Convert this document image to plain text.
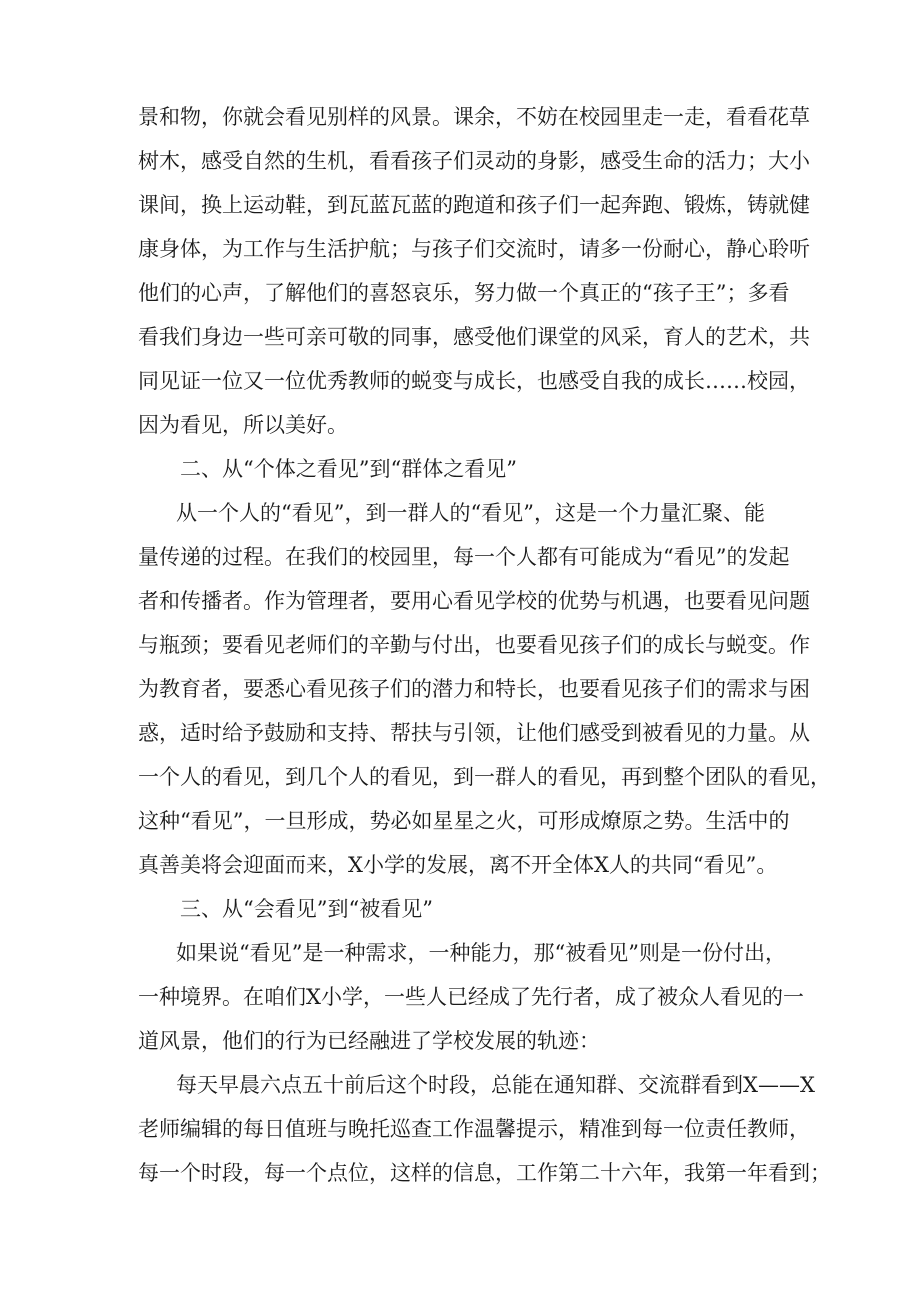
景和物，你就会看见别样的风景。课余，不妨在校园里走一走，看看花草
树木，感受自然的生机，看看孩子们灵动的身影，感受生命的活力；大小
课间，换上运动鞋，到瓦蓝瓦蓝的跑道和孩子们一起奔跑、锻炼，铸就健
康身体，为工作与生活护航；与孩子们交流时，请多一份耐心，静心聆听
他们的心声，了解他们的喜怒哀乐，努力做一个真正的“孩子王”；多看
看我们身边一些可亲可敬的同事，感受他们课堂的风采，育人的艺术，共
同见证一位又一位优秀教师的蜕变与成长，也感受自我的成长……校园，
因为看见，所以美好。
二、从“个体之看见”到“群体之看见”
从一个人的“看见”，到一群人的“看见”，这是一个力量汇聚、能
量传递的过程。在我们的校园里，每一个人都有可能成为“看见”的发起
者和传播者。作为管理者，要用心看见学校的优势与机遇，也要看见问题
与瓶颈；要看见老师们的辛勤与付出，也要看见孩子们的成长与蜕变。作
为教育者，要悉心看见孩子们的潜力和特长，也要看见孩子们的需求与困
惑，适时给予鼓励和支持、帮扶与引领，让他们感受到被看见的力量。从
一个人的看见，到几个人的看见，到一群人的看见，再到整个团队的看见，
这种“看见”，一旦形成，势必如星星之火，可形成燎原之势。生活中的
真善美将会迎面而来，X小学的发展，离不开全体X人的共同“看见”。
三、从“会看见”到“被看见”
如果说“看见”是一种需求，一种能力，那“被看见”则是一份付出，
一种境界。在咱们X小学，一些人已经成了先行者，成了被众人看见的一
道风景，他们的行为已经融进了学校发展的轨迹：
每天早晨六点五十前后这个时段，总能在通知群、交流群看到X——X
老师编辑的每日值班与晚托巡查工作温馨提示，精准到每一位责任教师，
每一个时段，每一个点位，这样的信息，工作第二十六年，我第一年看到；
